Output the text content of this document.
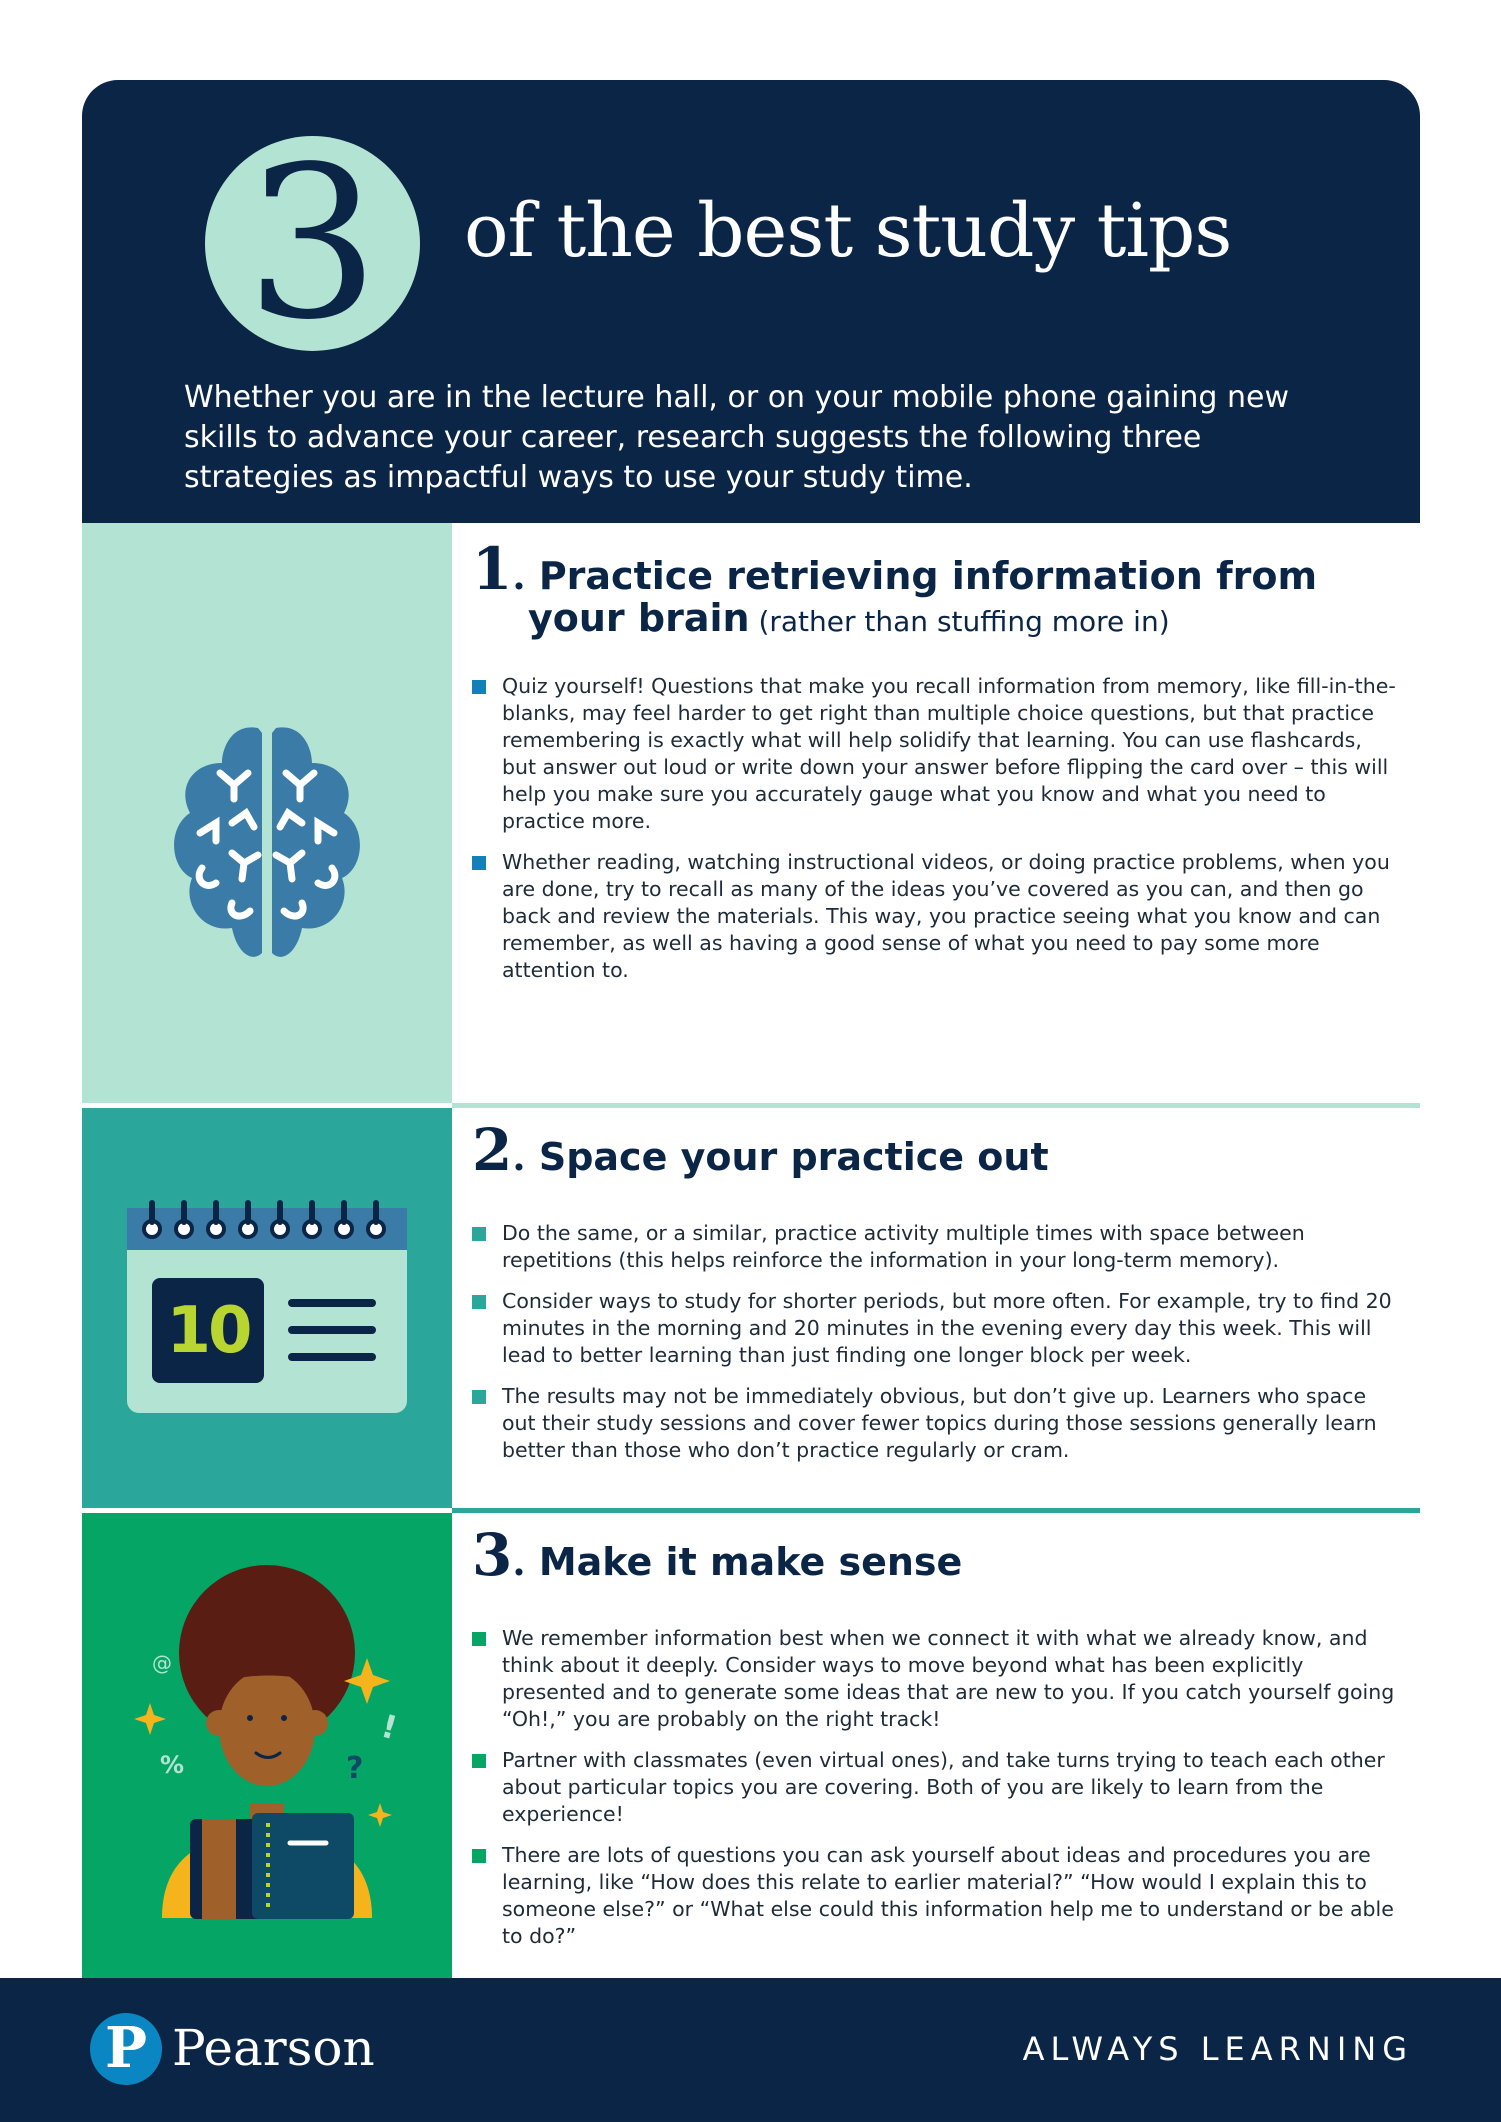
3	of the best study tips
Whether you are in the lecture hall, or on your mobile phone gaining new skills to advance your career, research suggests the following three strategies as impactful ways to use your study time.
1. Practice retrieving information from
your brain (rather than stuffing more in)
Quiz yourself! Questions that make you recall information from memory, like fill-in-the-blanks, may feel harder to get right than multiple choice questions, but that practice remembering is exactly what will help solidify that learning. You can use flashcards, but answer out loud or write down your answer before flipping the card over – this will help you make sure you accurately gauge what you know and what you need to practice more.
Whether reading, watching instructional videos, or doing practice problems, when you are done, try to recall as many of the ideas you’ve covered as you can, and then go back and review the materials. This way, you practice seeing what you know and can remember, as well as having a good sense of what you need to pay some more attention to.
10
2. Space your practice out
Do the same, or a similar, practice activity multiple times with space between repetitions (this helps reinforce the information in your long-term memory).
Consider ways to study for shorter periods, but more often. For example, try to find 20 minutes in the morning and 20 minutes in the evening every day this week. This will lead to better learning than just finding one longer block per week.
The results may not be immediately obvious, but don’t give up. Learners who space out their study sessions and cover fewer topics during those sessions generally learn better than those who don’t practice regularly or cram.
@
%
!
?
3. Make it make sense
We remember information best when we connect it with what we already know, and think about it deeply. Consider ways to move beyond what has been explicitly presented and to generate some ideas that are new to you. If you catch yourself going “Oh!,” you are probably on the right track!
Partner with classmates (even virtual ones), and take turns trying to teach each other about particular topics you are covering. Both of you are likely to learn from the experience!
There are lots of questions you can ask yourself about ideas and procedures you are learning, like “How does this relate to earlier material?” “How would I explain this to someone else?” or “What else could this information help me to understand or be able to do?”
P Pearson	ALWAYS LEARNING
